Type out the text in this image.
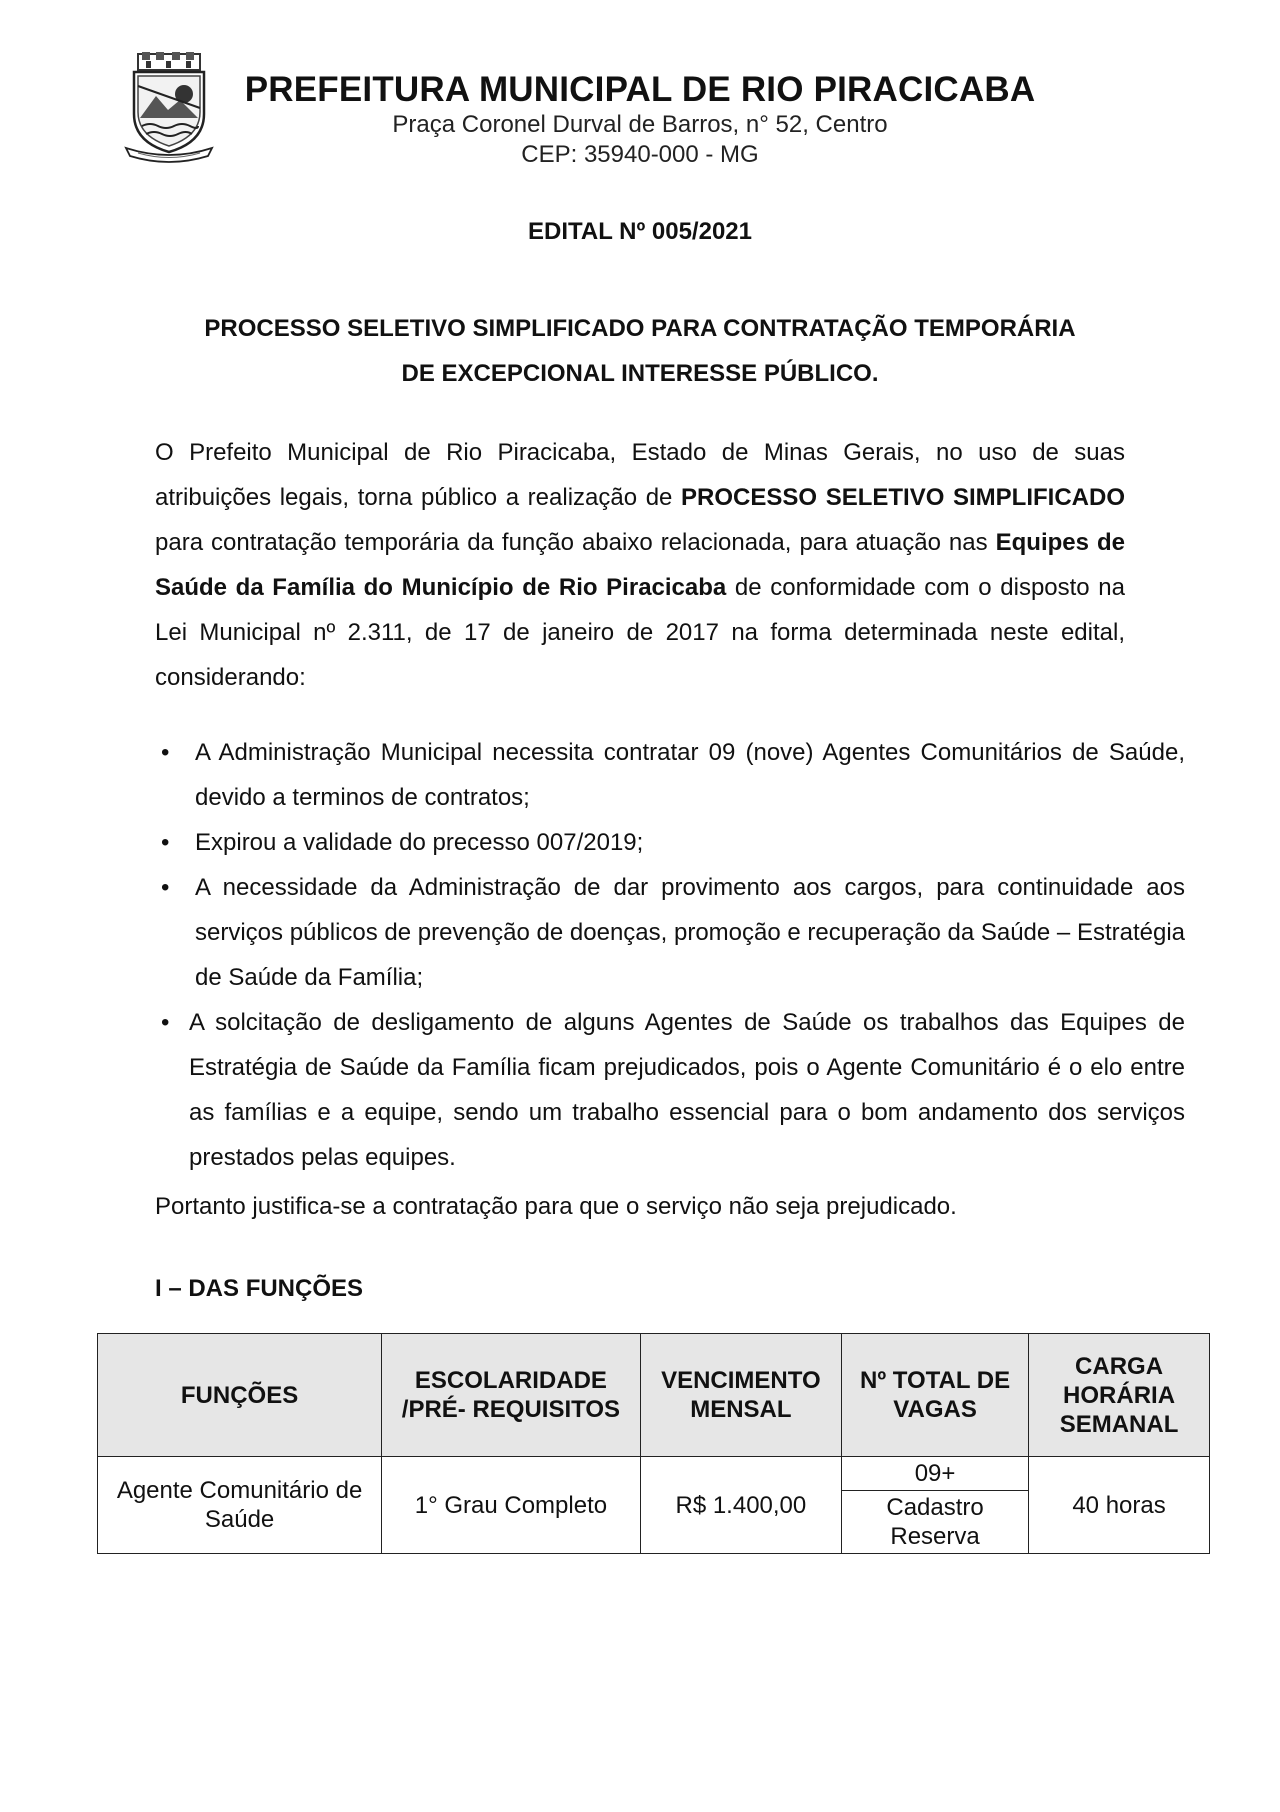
PREFEITURA MUNICIPAL DE RIO PIRACICABA
Praça Coronel Durval de Barros, n° 52, Centro
CEP: 35940-000 - MG
EDITAL Nº 005/2021
PROCESSO SELETIVO SIMPLIFICADO PARA CONTRATAÇÃO TEMPORÁRIA
DE EXCEPCIONAL INTERESSE PÚBLICO.

O Prefeito Municipal de Rio Piracicaba, Estado de Minas Gerais, no uso de suas atribuições legais, torna público a realização de PROCESSO SELETIVO SIMPLIFICADO para contratação temporária da função abaixo relacionada, para atuação nas Equipes de Saúde da Família do Município de Rio Piracicaba de conformidade com o disposto na Lei Municipal nº 2.311, de 17 de janeiro de 2017 na forma determinada neste edital, considerando:

• A Administração Municipal necessita contratar 09 (nove) Agentes Comunitários de Saúde, devido a terminos de contratos;
• Expirou a validade do precesso 007/2019;
• A necessidade da Administração de dar provimento aos cargos, para continuidade aos serviços públicos de prevenção de doenças, promoção e recuperação da Saúde – Estratégia de Saúde da Família;
• A solcitação de desligamento de alguns Agentes de Saúde os trabalhos das Equipes de Estratégia de Saúde da Família ficam prejudicados, pois o Agente Comunitário é o elo entre as famílias e a equipe, sendo um trabalho essencial para o bom andamento dos serviços prestados pelas equipes.
Portanto justifica-se a contratação para que o serviço não seja prejudicado.
I – DAS FUNÇÕES
FUNÇÕES	ESCOLARIDADE /PRÉ- REQUISITOS	VENCIMENTO MENSAL	Nº TOTAL DE VAGAS	CARGA HORÁRIA SEMANAL
Agente Comunitário de Saúde	1° Grau Completo	R$ 1.400,00	09+	40 horas
			Cadastro Reserva	
